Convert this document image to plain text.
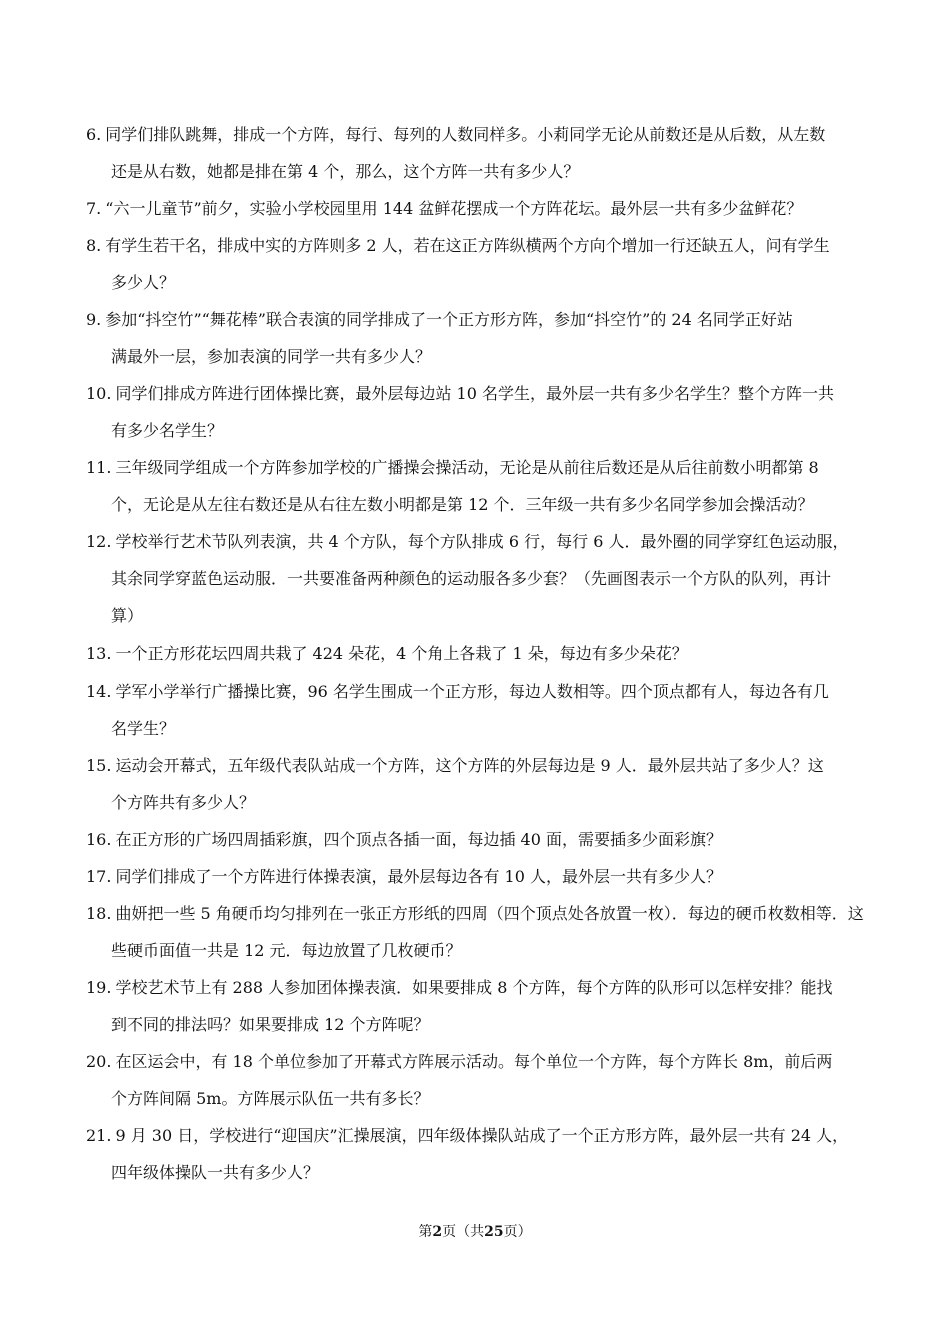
6. 同学们排队跳舞，排成一个方阵，每行、每列的人数同样多。小莉同学无论从前数还是从后数，从左数
还是从右数，她都是排在第 4 个，那么，这个方阵一共有多少人？
7. “六一儿童节”前夕，实验小学校园里用 144 盆鲜花摆成一个方阵花坛。最外层一共有多少盆鲜花？
8. 有学生若干名，排成中实的方阵则多 2 人，若在这正方阵纵横两个方向个增加一行还缺五人，问有学生
多少人？
9. 参加“抖空竹”“舞花棒”联合表演的同学排成了一个正方形方阵，参加“抖空竹”的 24 名同学正好站
满最外一层，参加表演的同学一共有多少人？
10. 同学们排成方阵进行团体操比赛，最外层每边站 10 名学生，最外层一共有多少名学生？整个方阵一共
有多少名学生？
11. 三年级同学组成一个方阵参加学校的广播操会操活动，无论是从前往后数还是从后往前数小明都第 8
个，无论是从左往右数还是从右往左数小明都是第 12 个．三年级一共有多少名同学参加会操活动？
12. 学校举行艺术节队列表演，共 4 个方队，每个方队排成 6 行，每行 6 人．最外圈的同学穿红色运动服，
其余同学穿蓝色运动服．一共要准备两种颜色的运动服各多少套？（先画图表示一个方队的队列，再计
算）
13. 一个正方形花坛四周共栽了 424 朵花，4 个角上各栽了 1 朵，每边有多少朵花？
14. 学军小学举行广播操比赛，96 名学生围成一个正方形，每边人数相等。四个顶点都有人，每边各有几
名学生？
15. 运动会开幕式，五年级代表队站成一个方阵，这个方阵的外层每边是 9 人．最外层共站了多少人？这
个方阵共有多少人？
16. 在正方形的广场四周插彩旗，四个顶点各插一面，每边插 40 面，需要插多少面彩旗？
17. 同学们排成了一个方阵进行体操表演，最外层每边各有 10 人，最外层一共有多少人？
18. 曲妍把一些 5 角硬币均匀排列在一张正方形纸的四周（四个顶点处各放置一枚）．每边的硬币枚数相等．这
些硬币面值一共是 12 元．每边放置了几枚硬币？
19. 学校艺术节上有 288 人参加团体操表演．如果要排成 8 个方阵，每个方阵的队形可以怎样安排？能找
到不同的排法吗？如果要排成 12 个方阵呢？
20. 在区运会中，有 18 个单位参加了开幕式方阵展示活动。每个单位一个方阵，每个方阵长 8m，前后两
个方阵间隔 5m。方阵展示队伍一共有多长？
21. 9 月 30 日，学校进行“迎国庆”汇操展演，四年级体操队站成了一个正方形方阵，最外层一共有 24 人，
四年级体操队一共有多少人？
第2页（共25页）
